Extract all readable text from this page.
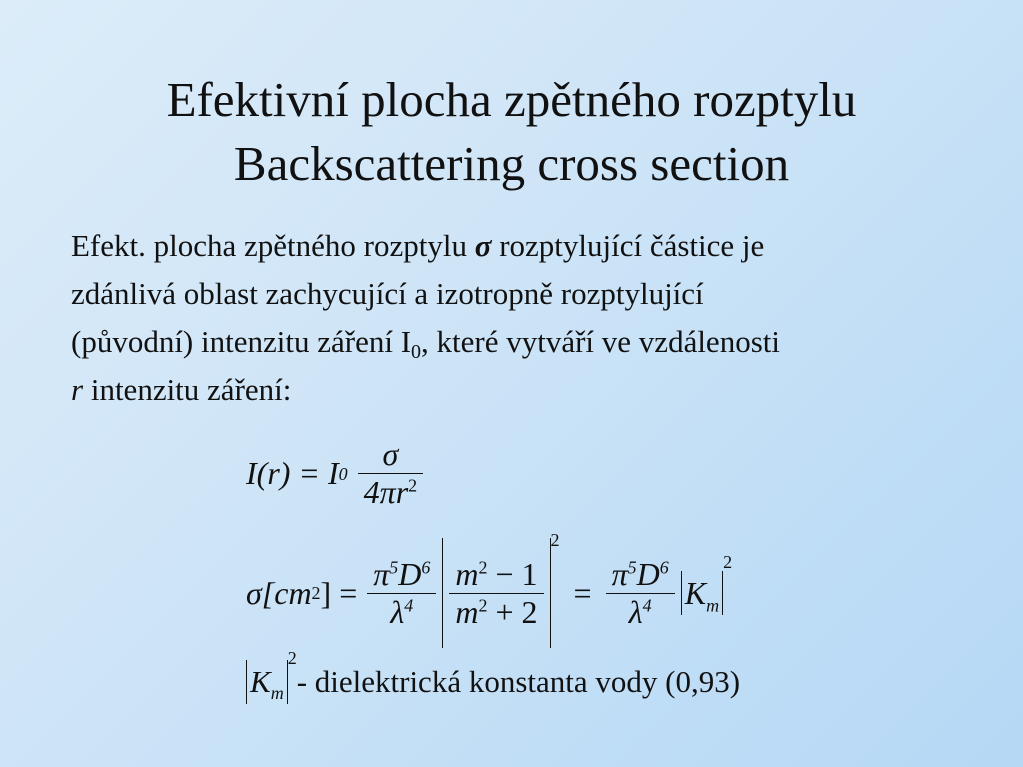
Efektivní plocha zpětného rozptylu
Backscattering cross section
Efekt. plocha zpětného rozptylu σ rozptylující částice je
zdánlivá oblast zachycující a izotropně rozptylující
(původní) intenzitu záření $I_0$, které vytváří ve vzdálenosti
r intenzitu záření:
I(r) = I $0 \frac{\sigma}{4\pi r^2}$
σ[cm 2 ] = $\frac{\pi^5D^6}{\lambda^4} \frac{m^2 - 1}{m^2 + 2}$
2
= $\frac{\pi^5D^6}{\lambda^4} K_m$
2
$K_m$
2
- dielektrická konstanta vody (0,93)
